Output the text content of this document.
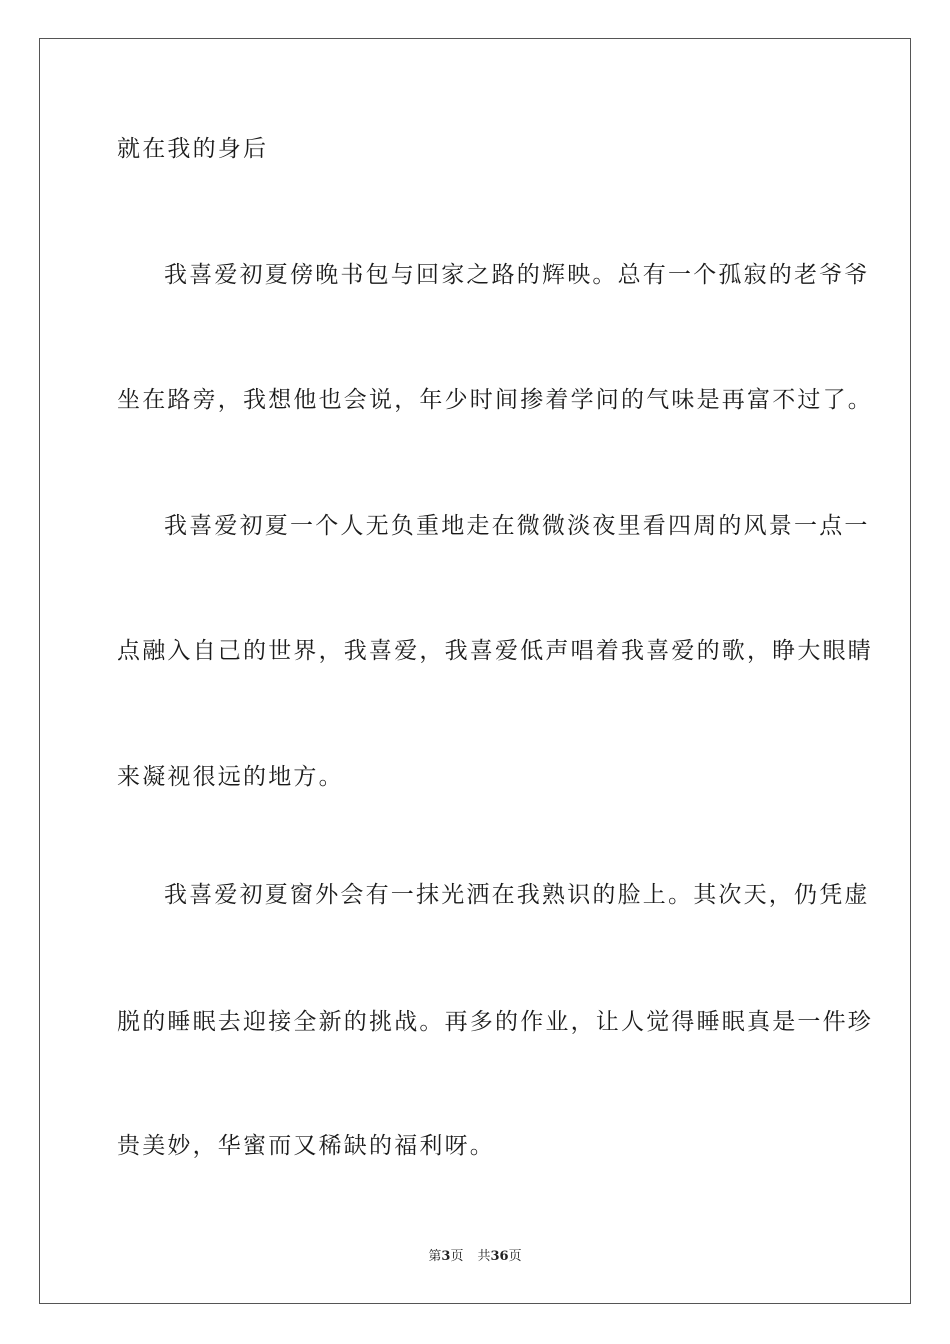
就在我的身后
我喜爱初夏傍晚书包与回家之路的辉映。总有一个孤寂的老爷爷
坐在路旁，我想他也会说，年少时间掺着学问的气味是再富不过了。
我喜爱初夏一个人无负重地走在微微淡夜里看四周的风景一点一
点融入自己的世界，我喜爱，我喜爱低声唱着我喜爱的歌，睁大眼睛
来凝视很远的地方。
我喜爱初夏窗外会有一抹光洒在我熟识的脸上。其次天，仍凭虚
脱的睡眠去迎接全新的挑战。再多的作业，让人觉得睡眠真是一件珍
贵美妙，华蜜而又稀缺的福利呀。
第3页 共36页
